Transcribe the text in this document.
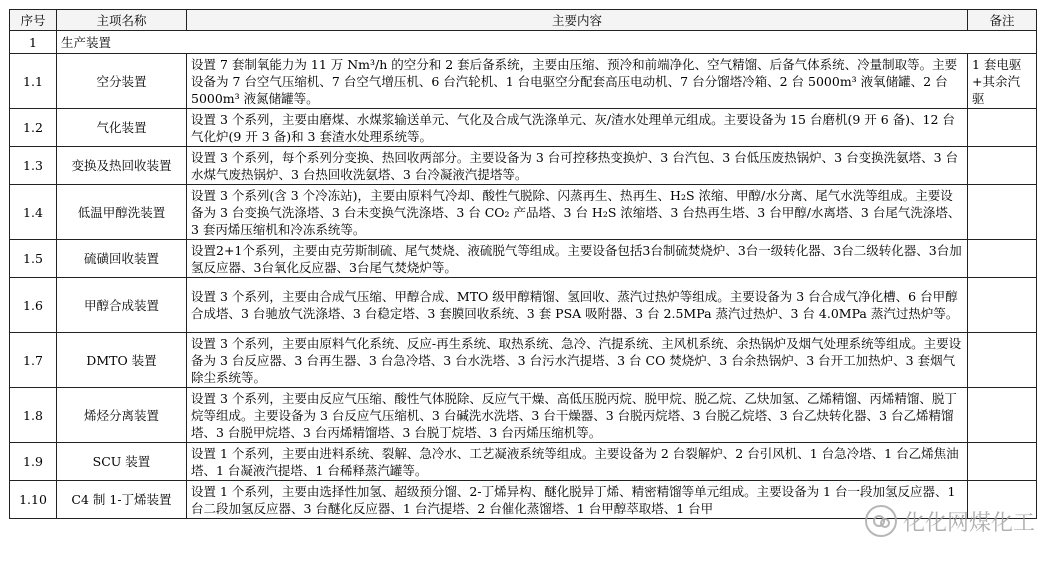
序号	主项名称	主要内容	备注
1	生产装置		
1.1	空分装置	设置 7 套制氧能力为 11 万 Nm³/h 的空分和 2 套后备系统，主要由压缩、预冷和前端净化、空气精馏、后备气体系统、冷量制取等。主要设备为 7 台空气压缩机、7 台空气增压机、6 台汽轮机、1 台电驱空分配套高压电动机、7 台分馏塔冷箱、2 台 5000m³ 液氧储罐、2 台 5000m³ 液氮储罐等。	1 套电驱+其余汽驱
1.2	气化装置	设置 3 个系列，主要由磨煤、水煤浆输送单元、气化及合成气洗涤单元、灰/渣水处理单元组成。主要设备为 15 台磨机(9 开 6 备)、12 台气化炉(9 开 3 备)和 3 套渣水处理系统等。	
1.3	变换及热回收装置	设置 3 个系列，每个系列分变换、热回收两部分。主要设备为 3 台可控移热变换炉、3 台汽包、3 台低压废热锅炉、3 台变换洗氨塔、3 台水煤气废热锅炉、3 台热回收洗氨塔、3 台冷凝液汽提塔等。	
1.4	低温甲醇洗装置	设置 3 个系列(含 3 个冷冻站)，主要由原料气冷却、酸性气脱除、闪蒸再生、热再生、H₂S 浓缩、甲醇/水分离、尾气水洗等组成。主要设备为 3 台变换气洗涤塔、3 台未变换气洗涤塔、3 台 CO₂ 产品塔、3 台 H₂S 浓缩塔、3 台热再生塔、3 台甲醇/水离塔、3 台尾气洗涤塔、3 套丙烯压缩机和冷冻系统等。	
1.5	硫磺回收装置	设置2+1个系列，主要由克劳斯制硫、尾气焚烧、液硫脱气等组成。主要设备包括3台制硫焚烧炉、3台一级转化器、3台二级转化器、3台加氢反应器、3台氧化反应器、3台尾气焚烧炉等。	
1.6	甲醇合成装置	设置 3 个系列，主要由合成气压缩、甲醇合成、MTO 级甲醇精馏、氢回收、蒸汽过热炉等组成。主要设备为 3 台合成气净化槽、6 台甲醇合成塔、3 台驰放气洗涤塔、3 台稳定塔、3 套膜回收系统、3 套 PSA 吸附器、3 台 2.5MPa 蒸汽过热炉、3 台 4.0MPa 蒸汽过热炉等。	
1.7	DMTO 装置	设置 3 个系列，主要由原料气化系统、反应-再生系统、取热系统、急冷、汽提系统、主风机系统、余热锅炉及烟气处理系统等组成。主要设备为 3 台反应器、3 台再生器、3 台急冷塔、3 台水洗塔、3 台污水汽提塔、3 台 CO 焚烧炉、3 台余热锅炉、3 台开工加热炉、3 套烟气除尘系统等。	
1.8	烯烃分离装置	设置 3 个系列，主要由反应气压缩、酸性气体脱除、反应气干燥、高低压脱丙烷、脱甲烷、脱乙烷、乙炔加氢、乙烯精馏、丙烯精馏、脱丁烷等组成。主要设备为 3 台反应气压缩机、3 台碱洗水洗塔、3 台干燥器、3 台脱丙烷塔、3 台脱乙烷塔、3 台乙炔转化器、3 台乙烯精馏塔、3 台脱甲烷塔、3 台丙烯精馏塔、3 台脱丁烷塔、3 台丙烯压缩机等。	
1.9	SCU 装置	设置 1 个系列，主要由进料系统、裂解、急冷水、工艺凝液系统等组成。主要设备为 2 台裂解炉、2 台引风机、1 台急冷塔、1 台乙烯焦油塔、1 台凝液汽提塔、1 台稀释蒸汽罐等。	
1.10	C4 制 1-丁烯装置	设置 1 个系列，主要由选择性加氢、超级预分馏、2-丁烯异构、醚化脱异丁烯、精密精馏等单元组成。主要设备为 1 台一段加氢反应器、1 台二段加氢反应器、3 台醚化反应器、1 台汽提塔、2 台催化蒸馏塔、1 台甲醇萃取塔、1 台甲	
化化网煤化工
